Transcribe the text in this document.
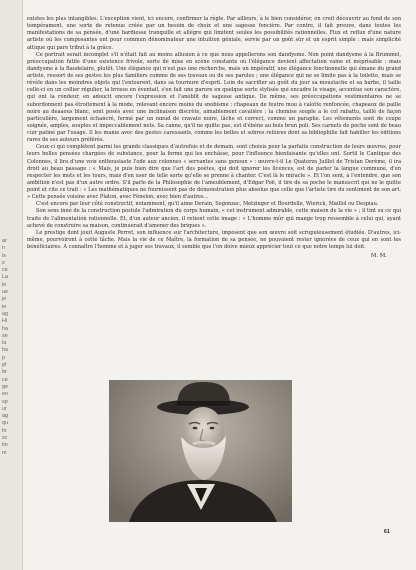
ar
n
is
s
ce
La
le
ue
je
ie
ag
Hi
ha
se
la
ha
p
pl
br
ce
ge
en
sp
ur
ag
qu
fo
sc
tio
m

existes les plus intangibles. L'exception vient, ici encore, confirmer la règle. Par ailleurs, à le bien considérer, on croit découvrir au fond de son tempérament, une sorte de retenue créée par un besoin de choix et une sagesse foncière. Par contre, il fait preuve, dans toutes les manifestations de sa pensée, d'une hardiesse tranquille et allègre qui limitent seules les possibilités rationnelles. Flux et reflux d'une nature artiste où les composantes ont pour commun dénominateur une intuition géniale, servie par un goût sûr et un esprit simple : mais simplicité attique qui pare tribut à la grâce.

Ce portrait serait incomplet s'il n'était fait au moins allusion à ce que nous appellerons son dandysme. Non point dandysme à la Brummel, préoccupation futile d'une existence frivole, sorte de mise en scène constante où l'élégance devient affectation vaine et méprisable : mais dandysme à la Baudelaire, plutôt. Une élégance qui n'est pas une recherche, mais un impératif, une élégance fonctionnelle qui émane du grand artiste, ressort de ses gestes les plus familiers comme de ses travaux ou de ses paroles ; une élégance qui ne se limite pas à la toilette, mais se révèle dans les moindres objets qui l'entourent, dans sa tournure d'esprit. Loin de sacrifier au goût du jour sa moustache et sa barbe, il taille celle-ci en un collier régulier, la brosse en éventail, s'en fait une parure en quelque sorte stylisée qui encadre le visage, accentue son caractère, qui ont la rondeur, en adoucit encore l'expression et l'anoblit de sagesse antique. De même, ses préoccupations vestimentaires ne se subordonnent pas étroitement à la mode, relevant encore moins du snobisme : chapeaux de feutre mou à calotte renfoncée, chapeaux de paille noire au deaaous blanc, sont posés avec une inclinaison discrète, aimablement cavalière ; la chemise souple a le col rabattu, taillé de façon particulière, largement échancré, fermé par un nœud de cravate noire, lâche et correct, comme un paraphe. Les vêtements sont de coupe soignée, amples, souples et impeccablement nets. Sa canne, qu'il ne quitte pas, est d'ébène au bois brun poli. Ses carnets de poche sont de beau cuir patiné par l'usage. Il les manie avec des gestes caressants, comme les belles et sobres reliures dont sa bibliophilie fait habiller les éditions rares de ses auteurs préférés.

Ceux-ci qui complètent parmi les grands classiques d'autrefois et de demain, sont choisis pour la parfaite construction de leurs œuvres, pour leurs belles pensées chargées de substance, pour la forme qui les enchâsse, pour l'influence bienfaisante qu'elles ont. Sortil le Cantique des Colonnes, il lira d'une voix enthousiaste l'ode aux colonnes « servantes sans genoux » : œuvre-t-il Le Quatorze Juillet de Tristan Derème, il ira droit au beau passage : « Mais, je puis bien dire que l'art des poètes, qui doit ignorer les licences, est de parler la langue commune, d'en respecter les mots et les tours, mais d'en user de telle sorte qu'elle se prenne à chanter. C'est là le miracle ». Et l'on sent, à l'entendre, que son ambition n'est pas d'un autre ordre. S'il parle de la Philosophie de l'ameublement, d'Edgar Poë, il tire de sa poche le manuscrit qui ne le quitte point et cite ce trait : « Les mathématiques ne fournissent pas de démonstration plus absolue que celle que l'artiste tire du sentiment de son art. » Cette pensée voisine avec Platon, avec Fénelon, avec bien d'autres…

C'est encore par leur côté constructif, notamment, qu'il aime Derain, Segonzac, Metzinger et Bourdelle, Wierick, Maillol ou Despiau.

Son sens inné de la construction postule l'admiration du corps humain, « cet instrument admirable, cette maison de la vie » ; il tint su ce qui traite de l'alimentation rationnelle. Et, d'un auteur ancien, il retient cette image : « L'homme mûr qui mange trop ressemble à celui qui, ayant achevé de construire sa maison, continuerait d'amener des briques ».

Le prestige dont jouit Auguste Perret, son influence sur l'architecture, imposent que son œuvre soit scrupuleusement étudiée. D'autres, ici-même, pourvoiront à cette tâche. Mais la vie de ce Maître, la formation de sa pensée, ne pouvaient rester ignorées de ceux qui en sont les bénéficiaires. A connaître l'homme et à juger ses travaux, il semble que l'on doive mieux apprécier tout ce que notre temps lui doit.

M. M.
61
